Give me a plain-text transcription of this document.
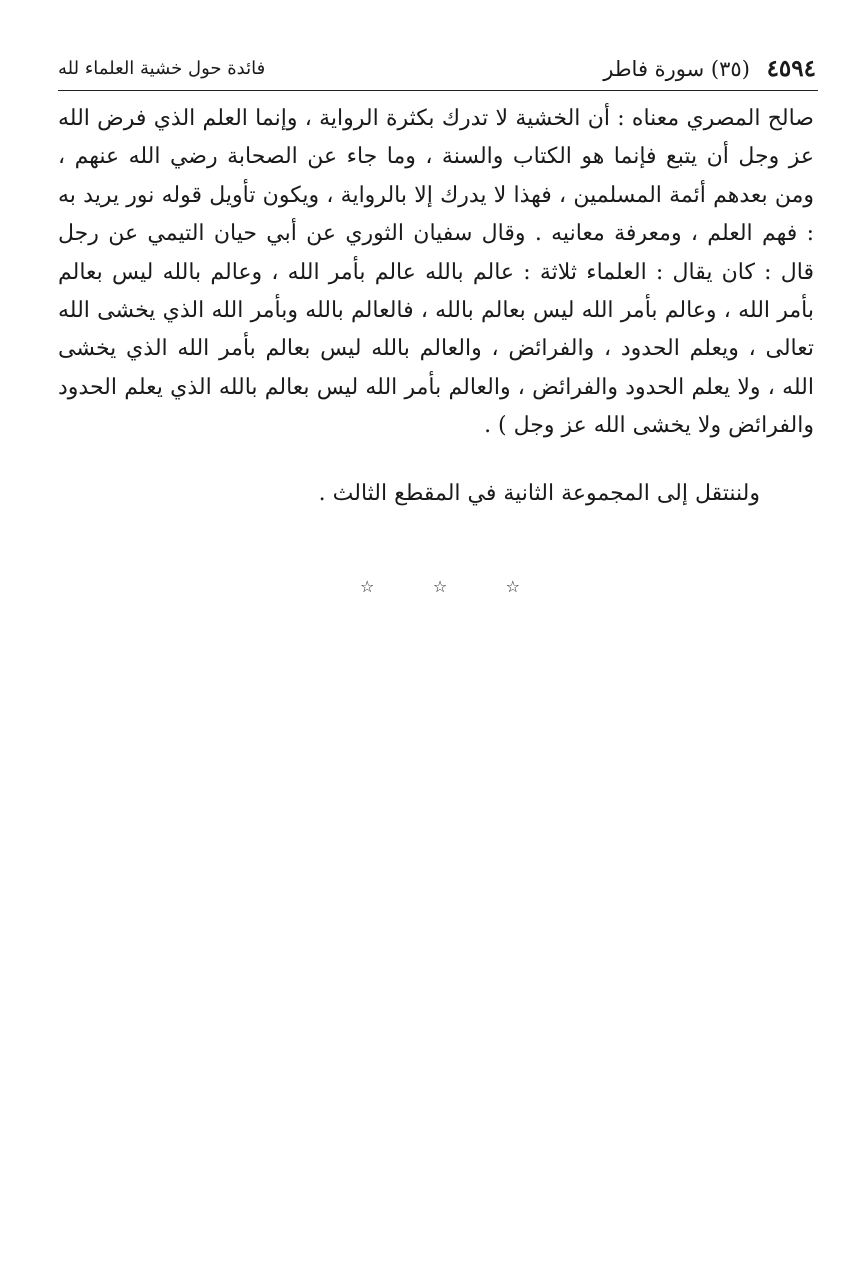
٤٥٩٤ (٣٥) سورة فاطر
فائدة حول خشية العلماء لله

صالح المصري معناه : أن الخشية لا تدرك بكثرة الرواية ، وإنما العلم الذي فرض الله عز وجل أن يتبع فإنما هو الكتاب والسنة ، وما جاء عن الصحابة رضي الله عنهم ، ومن بعدهم أئمة المسلمين ، فهذا لا يدرك إلا بالرواية ، ويكون تأويل قوله نور يريد به : فهم العلم ، ومعرفة معانيه . وقال سفيان الثوري عن أبي حيان التيمي عن رجل قال : كان يقال : العلماء ثلاثة : عالم بالله عالم بأمر الله ، وعالم بالله ليس بعالم بأمر الله ، وعالم بأمر الله ليس بعالم بالله ، فالعالم بالله وبأمر الله الذي يخشى الله تعالى ، ويعلم الحدود ، والفرائض ، والعالم بالله ليس بعالم بأمر الله الذي يخشى الله ، ولا يعلم الحدود والفرائض ، والعالم بأمر الله ليس بعالم بالله الذي يعلم الحدود والفرائض ولا يخشى الله عز وجل ) .

ولننتقل إلى المجموعة الثانية في المقطع الثالث .
☆	☆	☆
